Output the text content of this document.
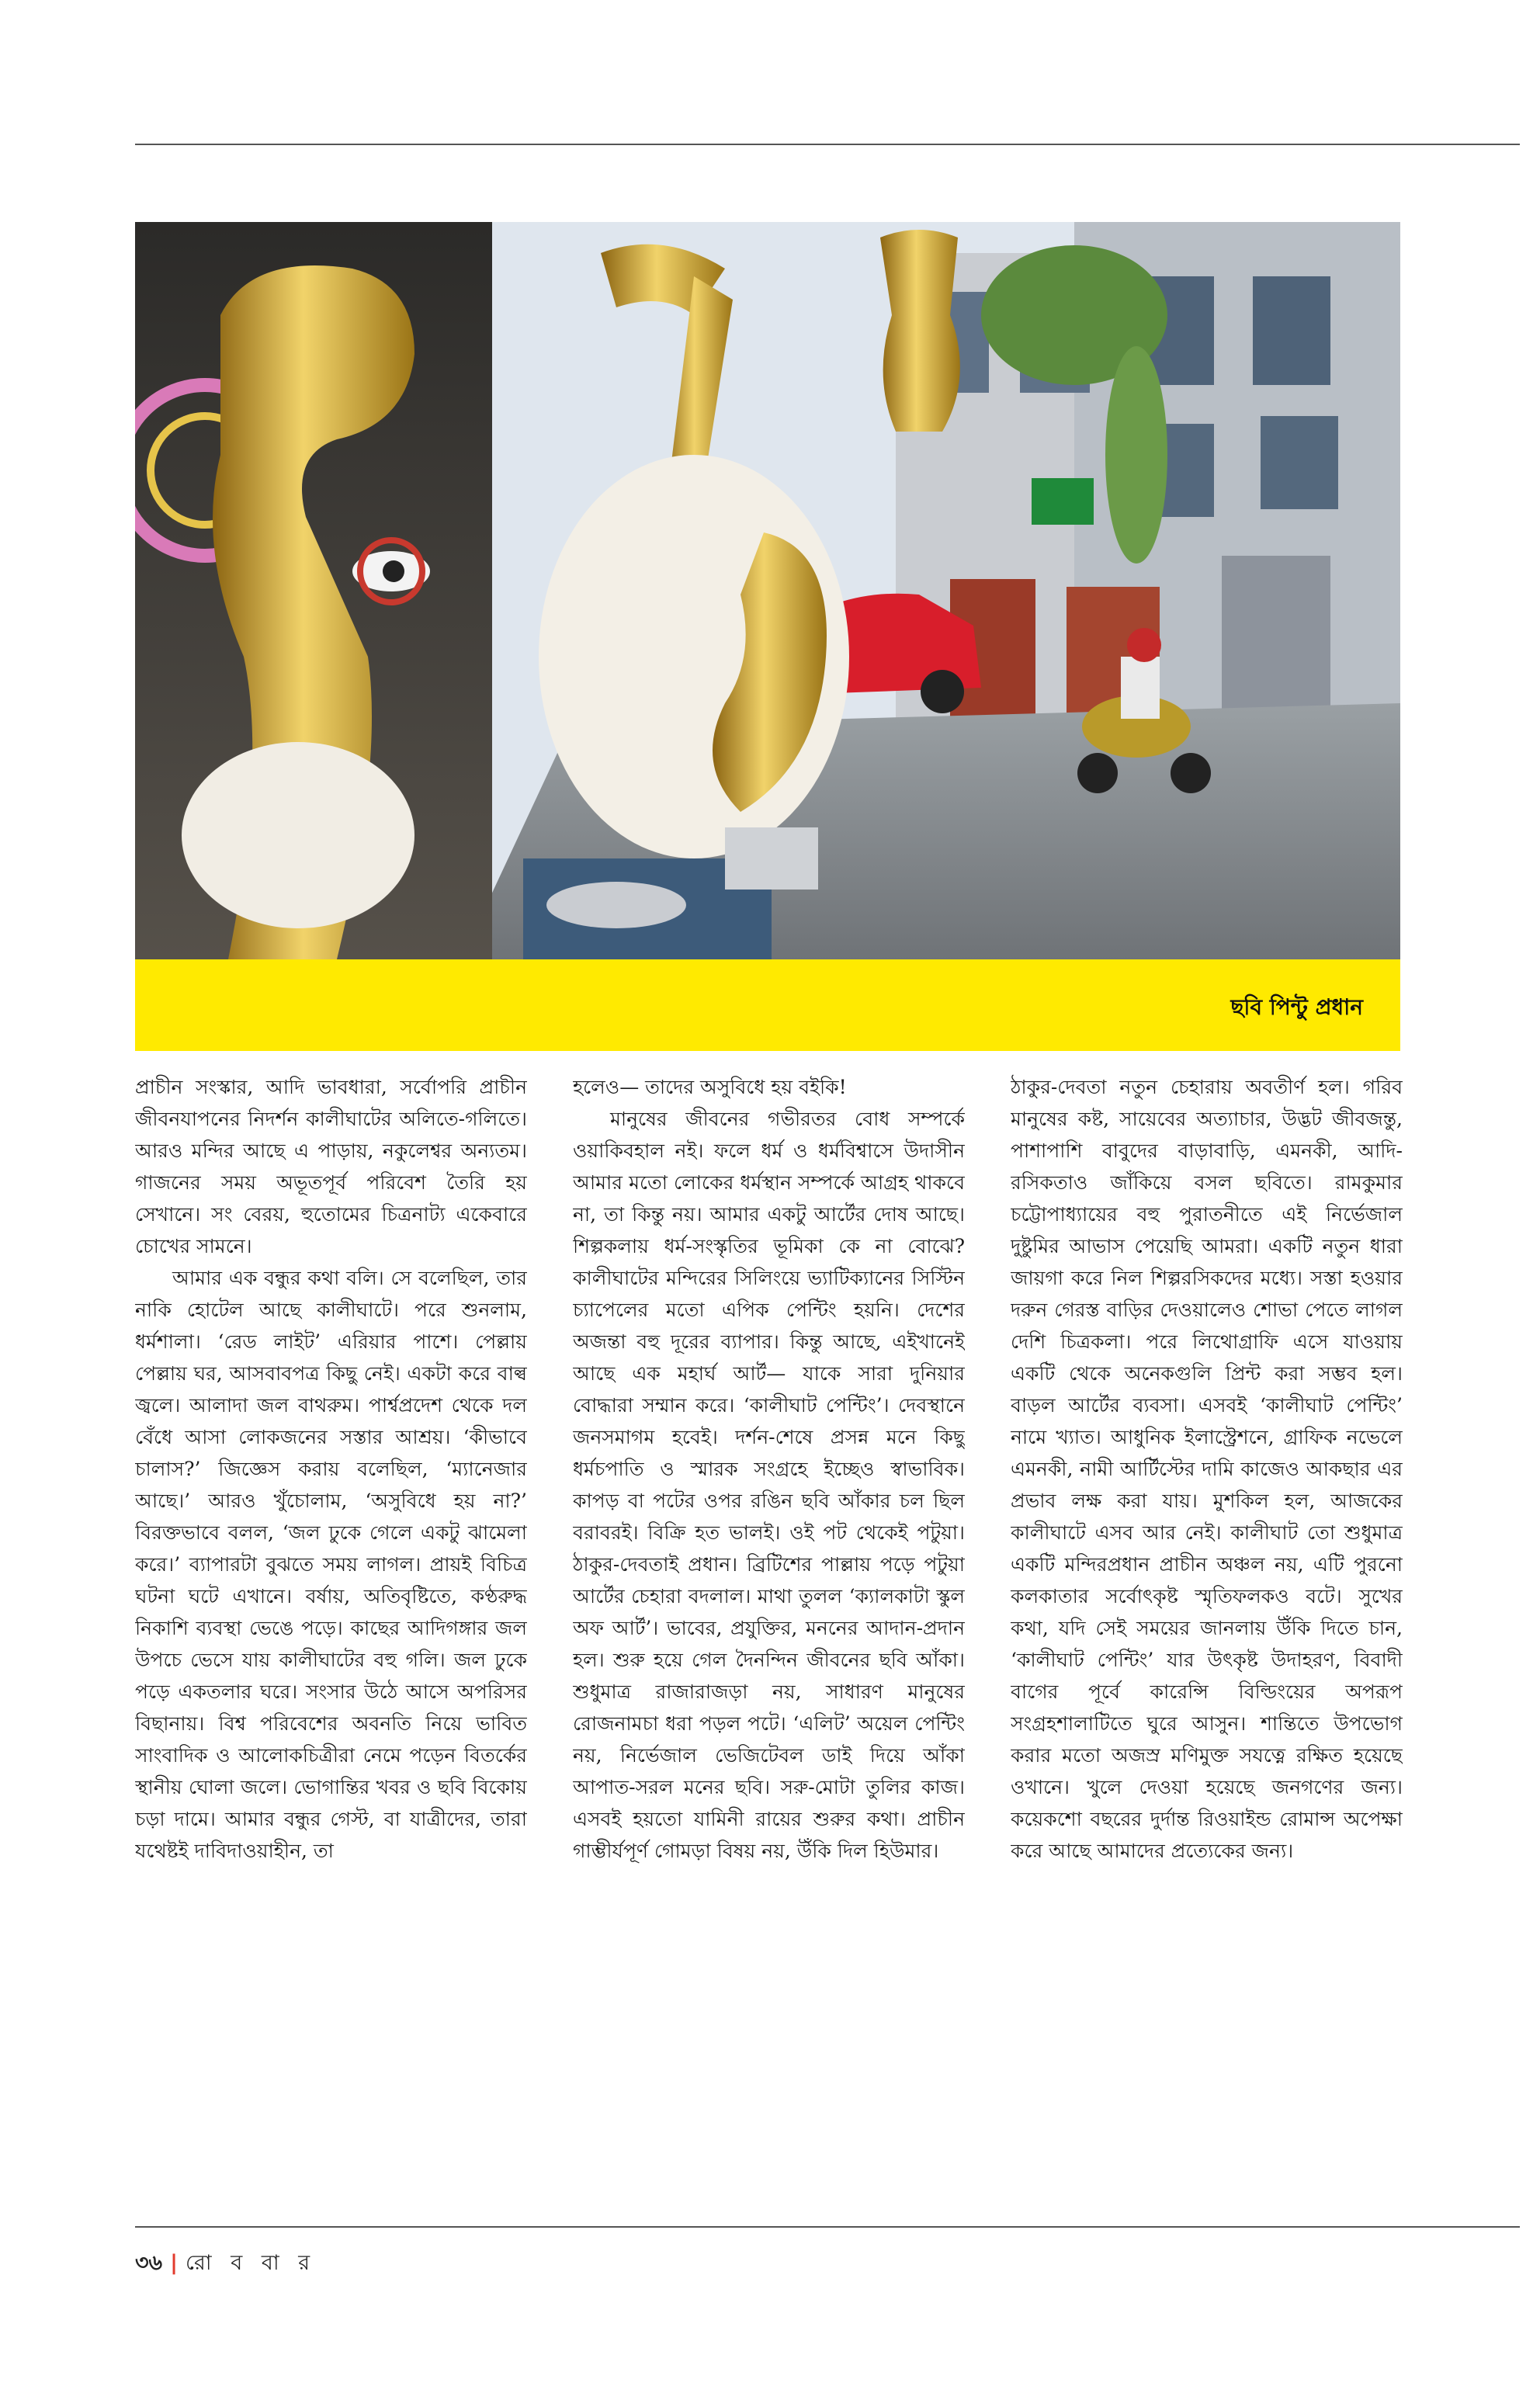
ছবি পিন্টু প্রধান

প্রাচীন সংস্কার, আদি ভাবধারা, সর্বোপরি প্রাচীন জীবনযাপনের নিদর্শন কালীঘাটের অলিতে-গলিতে। আরও মন্দির আছে এ পাড়ায়, নকুলেশ্বর অন্যতম। গাজনের সময় অভূতপূর্ব পরিবেশ তৈরি হয় সেখানে। সং বেরয়, হুতোমের চিত্রনাট্য একেবারে চোখের সামনে।

আমার এক বন্ধুর কথা বলি। সে বলেছিল, তার নাকি হোটেল আছে কালীঘাটে। পরে শুনলাম, ধর্মশালা। ‘রেড লাইট’ এরিয়ার পাশে। পেল্লায় পেল্লায় ঘর, আসবাবপত্র কিছু নেই। একটা করে বাল্ব জ্বলে। আলাদা জল বাথরুম। পার্শ্বপ্রদেশ থেকে দল বেঁধে আসা লোকজনের সস্তার আশ্রয়। ‘কীভাবে চালাস?’ জিজ্ঞেস করায় বলেছিল, ‘ম্যানেজার আছে।’ আরও খুঁচোলাম, ‘অসুবিধে হয় না?’ বিরক্তভাবে বলল, ‘জল ঢুকে গেলে একটু ঝামেলা করে।’ ব্যাপারটা বুঝতে সময় লাগল। প্রায়ই বিচিত্র ঘটনা ঘটে এখানে। বর্ষায়, অতিবৃষ্টিতে, কণ্ঠরুদ্ধ নিকাশি ব্যবস্থা ভেঙে পড়ে। কাছের আদিগঙ্গার জল উপচে ভেসে যায় কালীঘাটের বহু গলি। জল ঢুকে পড়ে একতলার ঘরে। সংসার উঠে আসে অপরিসর বিছানায়। বিশ্ব পরিবেশের অবনতি নিয়ে ভাবিত সাংবাদিক ও আলোকচিত্রীরা নেমে পড়েন বিতর্কের স্থানীয় ঘোলা জলে। ভোগান্তির খবর ও ছবি বিকোয় চড়া দামে। আমার বন্ধুর গেস্ট, বা যাত্রীদের, তারা যথেষ্টই দাবিদাওয়াহীন, তা

হলেও— তাদের অসুবিধে হয় বইকি!

মানুষের জীবনের গভীরতর বোধ সম্পর্কে ওয়াকিবহাল নই। ফলে ধর্ম ও ধর্মবিশ্বাসে উদাসীন আমার মতো লোকের ধর্মস্থান সম্পর্কে আগ্রহ থাকবে না, তা কিন্তু নয়। আমার একটু আর্টের দোষ আছে। শিল্পকলায় ধর্ম-সংস্কৃতির ভূমিকা কে না বোঝে? কালীঘাটের মন্দিরের সিলিংয়ে ভ্যাটিক্যানের সিস্টিন চ্যাপেলের মতো এপিক পেন্টিং হয়নি। দেশের অজন্তা বহু দূরের ব্যাপার। কিন্তু আছে, এইখানেই আছে এক মহার্ঘ আর্ট— যাকে সারা দুনিয়ার বোদ্ধারা সম্মান করে। ‘কালীঘাট পেন্টিং’। দেবস্থানে জনসমাগম হবেই। দর্শন-শেষে প্রসন্ন মনে কিছু ধর্মচপাতি ও স্মারক সংগ্রহে ইচ্ছেও স্বাভাবিক। কাপড় বা পটের ওপর রঙিন ছবি আঁকার চল ছিল বরাবরই। বিক্রি হত ভালই। ওই পট থেকেই পটুয়া। ঠাকুর-দেবতাই প্রধান। ব্রিটিশের পাল্লায় পড়ে পটুয়া আর্টের চেহারা বদলাল। মাথা তুলল ‘ক্যালকাটা স্কুল অফ আর্ট’। ভাবের, প্রযুক্তির, মননের আদান-প্রদান হল। শুরু হয়ে গেল দৈনন্দিন জীবনের ছবি আঁকা। শুধুমাত্র রাজারাজড়া নয়, সাধারণ মানুষের রোজনামচা ধরা পড়ল পটে। ‘এলিট’ অয়েল পেন্টিং নয়, নির্ভেজাল ভেজিটেবল ডাই দিয়ে আঁকা আপাত-সরল মনের ছবি। সরু-মোটা তুলির কাজ। এসবই হয়তো যামিনী রায়ের শুরুর কথা। প্রাচীন গাম্ভীর্যপূর্ণ গোমড়া বিষয় নয়, উঁকি দিল হিউমার।

ঠাকুর-দেবতা নতুন চেহারায় অবতীর্ণ হল। গরিব মানুষের কষ্ট, সায়েবের অত্যাচার, উদ্ভট জীবজন্তু, পাশাপাশি বাবুদের বাড়াবাড়ি, এমনকী, আদি-রসিকতাও জাঁকিয়ে বসল ছবিতে। রামকুমার চট্টোপাধ্যায়ের বহু পুরাতনীতে এই নির্ভেজাল দুষ্টুমির আভাস পেয়েছি আমরা। একটি নতুন ধারা জায়গা করে নিল শিল্পরসিকদের মধ্যে। সস্তা হওয়ার দরুন গেরস্ত বাড়ির দেওয়ালেও শোভা পেতে লাগল দেশি চিত্রকলা। পরে লিথোগ্রাফি এসে যাওয়ায় একটি থেকে অনেকগুলি প্রিন্ট করা সম্ভব হল। বাড়ল আর্টের ব্যবসা। এসবই ‘কালীঘাট পেন্টিং’ নামে খ্যাত। আধুনিক ইলাস্ট্রেশনে, গ্রাফিক নভেলে এমনকী, নামী আর্টিস্টের দামি কাজেও আকছার এর প্রভাব লক্ষ করা যায়। মুশকিল হল, আজকের কালীঘাটে এসব আর নেই। কালীঘাট তো শুধুমাত্র একটি মন্দিরপ্রধান প্রাচীন অঞ্চল নয়, এটি পুরনো কলকাতার সর্বোৎকৃষ্ট স্মৃতিফলকও বটে। সুখের কথা, যদি সেই সময়ের জানলায় উঁকি দিতে চান, ‘কালীঘাট পেন্টিং’ যার উৎকৃষ্ট উদাহরণ, বিবাদী বাগের পূর্বে কারেন্সি বিল্ডিংয়ের অপরূপ সংগ্রহশালাটিতে ঘুরে আসুন। শান্তিতে উপভোগ করার মতো অজস্র মণিমুক্ত সযত্নে রক্ষিত হয়েছে ওখানে। খুলে দেওয়া হয়েছে জনগণের জন্য। কয়েকশো বছরের দুর্দান্ত রিওয়াইন্ড রোমান্স অপেক্ষা করে আছে আমাদের প্রত্যেকের জন্য।

৩৬ | রো ব বা র
